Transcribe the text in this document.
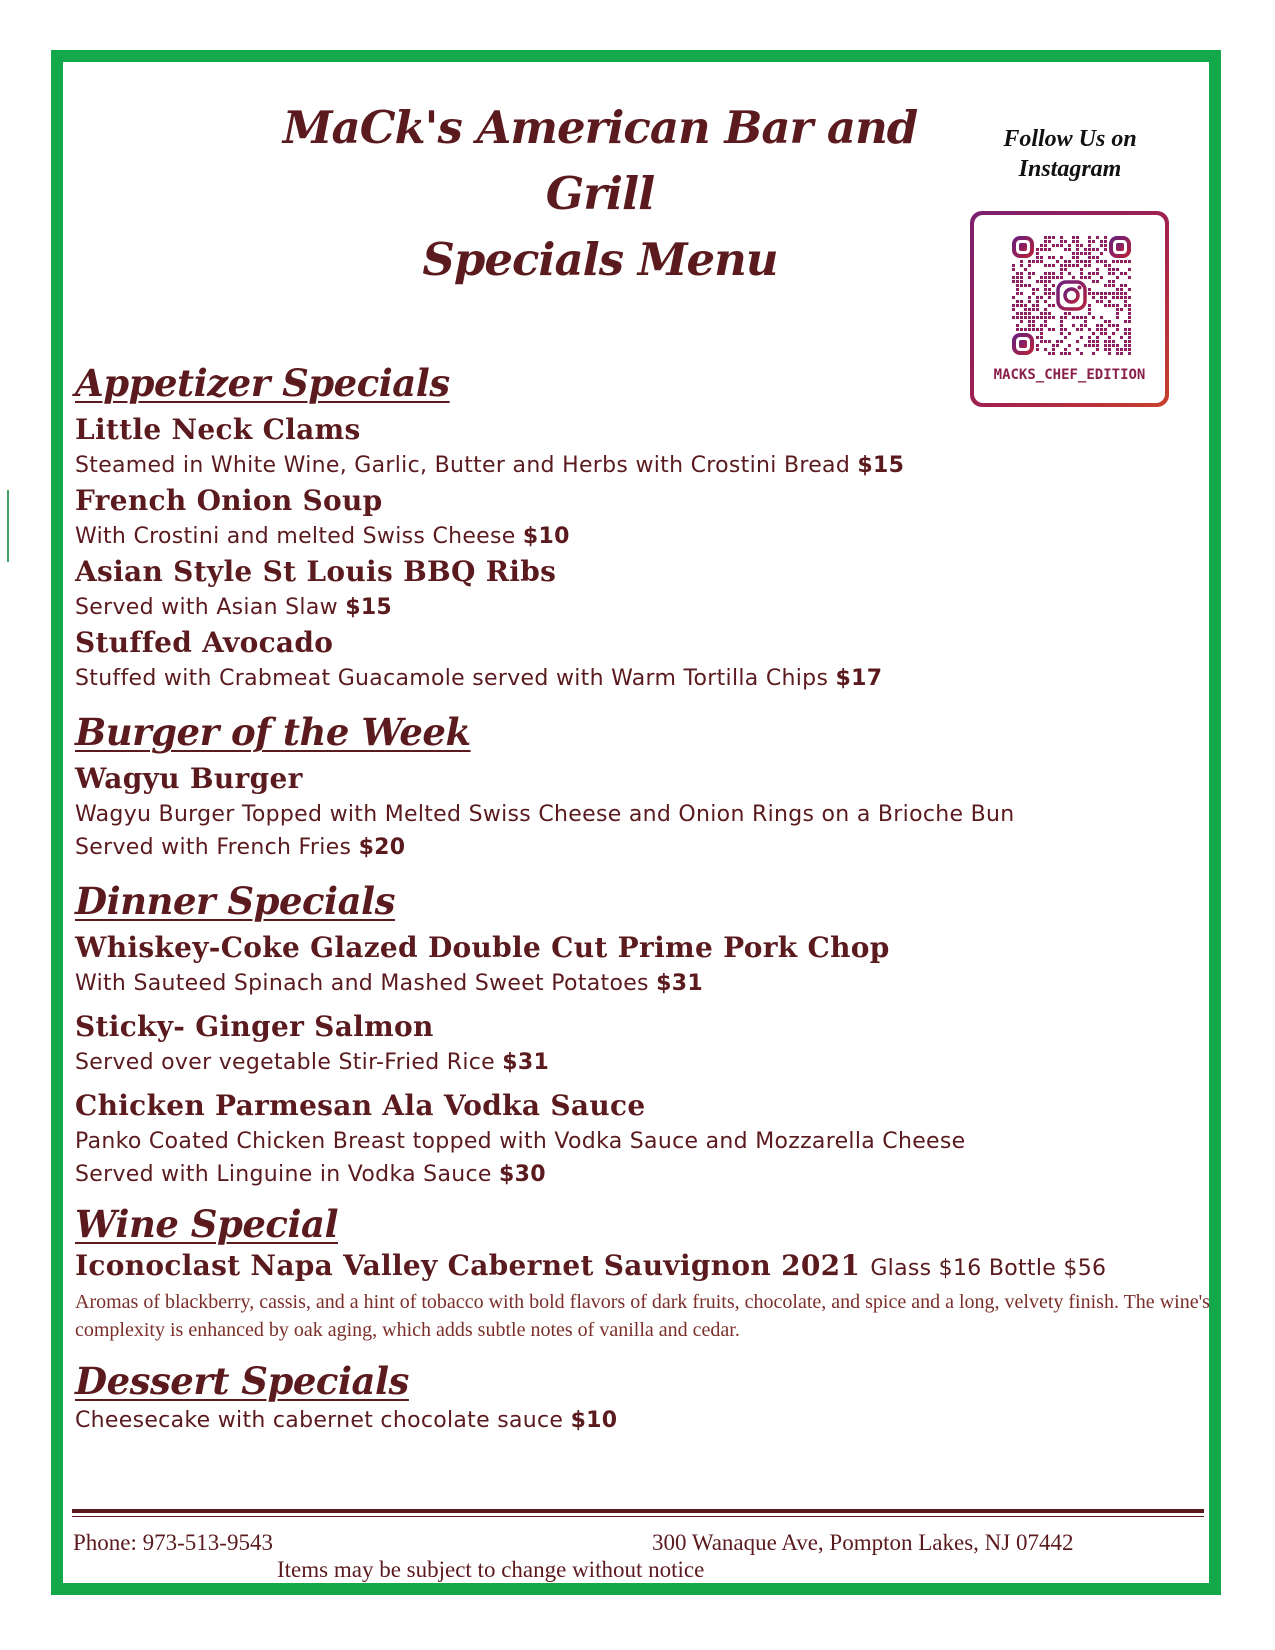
MaCk's American Bar and Grill
Specials Menu
Follow Us on
Instagram
MACKS_CHEF_EDITION
Appetizer Specials
Little Neck Clams
Steamed in White Wine, Garlic, Butter and Herbs with Crostini Bread $15
French Onion Soup
With Crostini and melted Swiss Cheese $10
Asian Style St Louis BBQ Ribs
Served with Asian Slaw $15
Stuffed Avocado
Stuffed with Crabmeat Guacamole served with Warm Tortilla Chips $17
Burger of the Week
Wagyu Burger
Wagyu Burger Topped with Melted Swiss Cheese and Onion Rings on a Brioche Bun
Served with French Fries $20
Dinner Specials
Whiskey-Coke Glazed Double Cut Prime Pork Chop
With Sauteed Spinach and Mashed Sweet Potatoes $31
Sticky- Ginger Salmon
Served over vegetable Stir-Fried Rice $31
Chicken Parmesan Ala Vodka Sauce
Panko Coated Chicken Breast topped with Vodka Sauce and Mozzarella Cheese
Served with Linguine in Vodka Sauce $30
Wine Special
Iconoclast Napa Valley Cabernet Sauvignon 2021 Glass $16 Bottle $56
Aromas of blackberry, cassis, and a hint of tobacco with bold flavors of dark fruits, chocolate, and spice and a long, velvety finish. The wine's complexity is enhanced by oak aging, which adds subtle notes of vanilla and cedar.
Dessert Specials
Cheesecake with cabernet chocolate sauce $10
Phone: 973-513-9543	300 Wanaque Ave, Pompton Lakes, NJ 07442
Items may be subject to change without notice
